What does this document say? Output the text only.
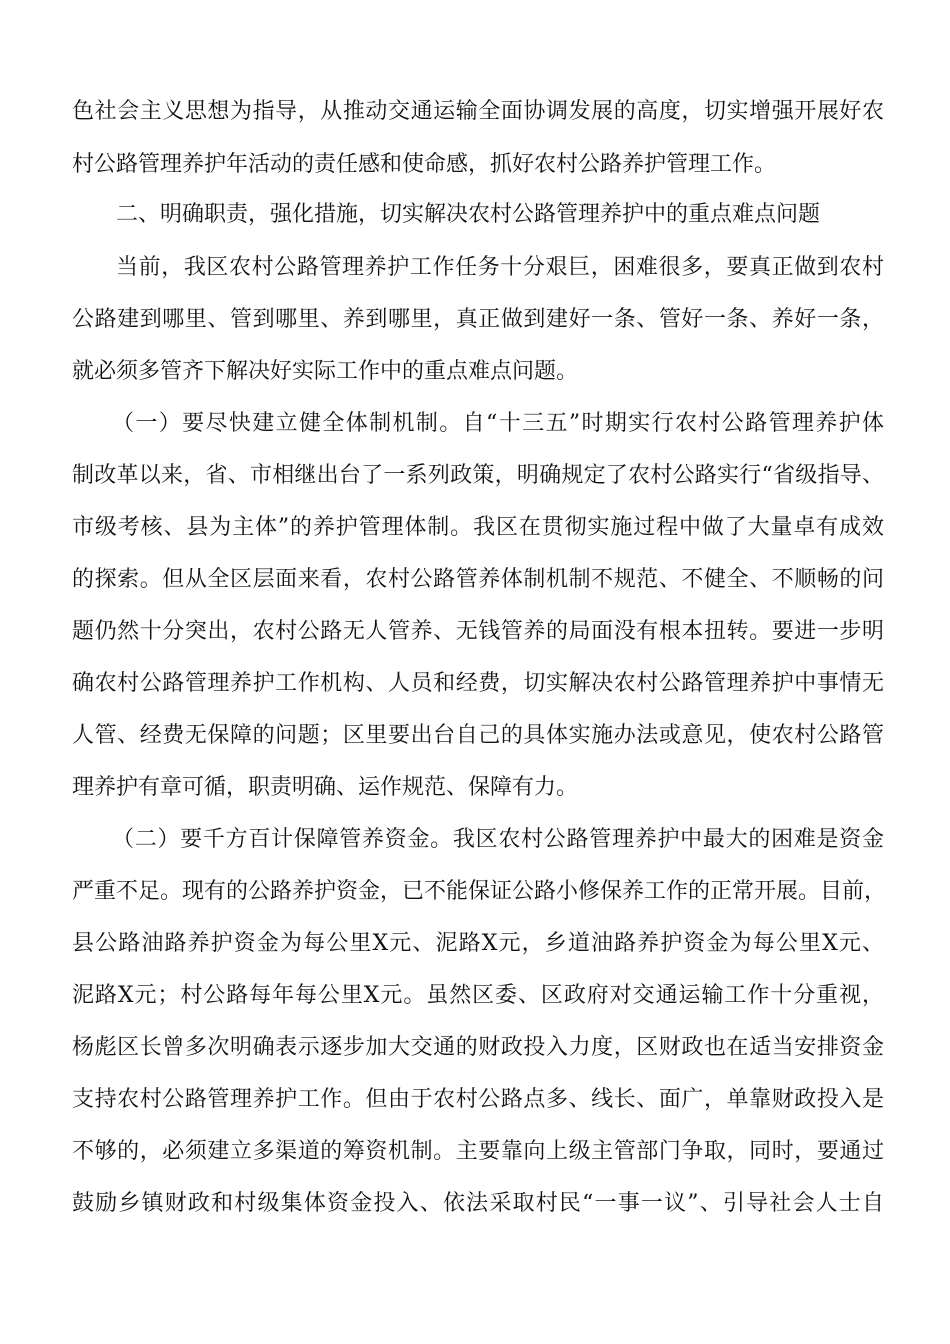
色社会主义思想为指导，从推动交通运输全面协调发展的高度，切实增强开展好农
村公路管理养护年活动的责任感和使命感，抓好农村公路养护管理工作。
二、明确职责，强化措施，切实解决农村公路管理养护中的重点难点问题
当前，我区农村公路管理养护工作任务十分艰巨，困难很多，要真正做到农村
公路建到哪里、管到哪里、养到哪里，真正做到建好一条、管好一条、养好一条，
就必须多管齐下解决好实际工作中的重点难点问题。
（一）要尽快建立健全体制机制。自“十三五”时期实行农村公路管理养护体
制改革以来，省、市相继出台了一系列政策，明确规定了农村公路实行“省级指导、
市级考核、县为主体”的养护管理体制。我区在贯彻实施过程中做了大量卓有成效
的探索。但从全区层面来看，农村公路管养体制机制不规范、不健全、不顺畅的问
题仍然十分突出，农村公路无人管养、无钱管养的局面没有根本扭转。要进一步明
确农村公路管理养护工作机构、人员和经费，切实解决农村公路管理养护中事情无
人管、经费无保障的问题；区里要出台自己的具体实施办法或意见，使农村公路管
理养护有章可循，职责明确、运作规范、保障有力。
（二）要千方百计保障管养资金。我区农村公路管理养护中最大的困难是资金
严重不足。现有的公路养护资金，已不能保证公路小修保养工作的正常开展。目前，
县公路油路养护资金为每公里X元、泥路X元，乡道油路养护资金为每公里X元、
泥路X元；村公路每年每公里X元。虽然区委、区政府对交通运输工作十分重视，
杨彪区长曾多次明确表示逐步加大交通的财政投入力度，区财政也在适当安排资金
支持农村公路管理养护工作。但由于农村公路点多、线长、面广，单靠财政投入是
不够的，必须建立多渠道的筹资机制。主要靠向上级主管部门争取，同时，要通过
鼓励乡镇财政和村级集体资金投入、依法采取村民“一事一议”、引导社会人士自
